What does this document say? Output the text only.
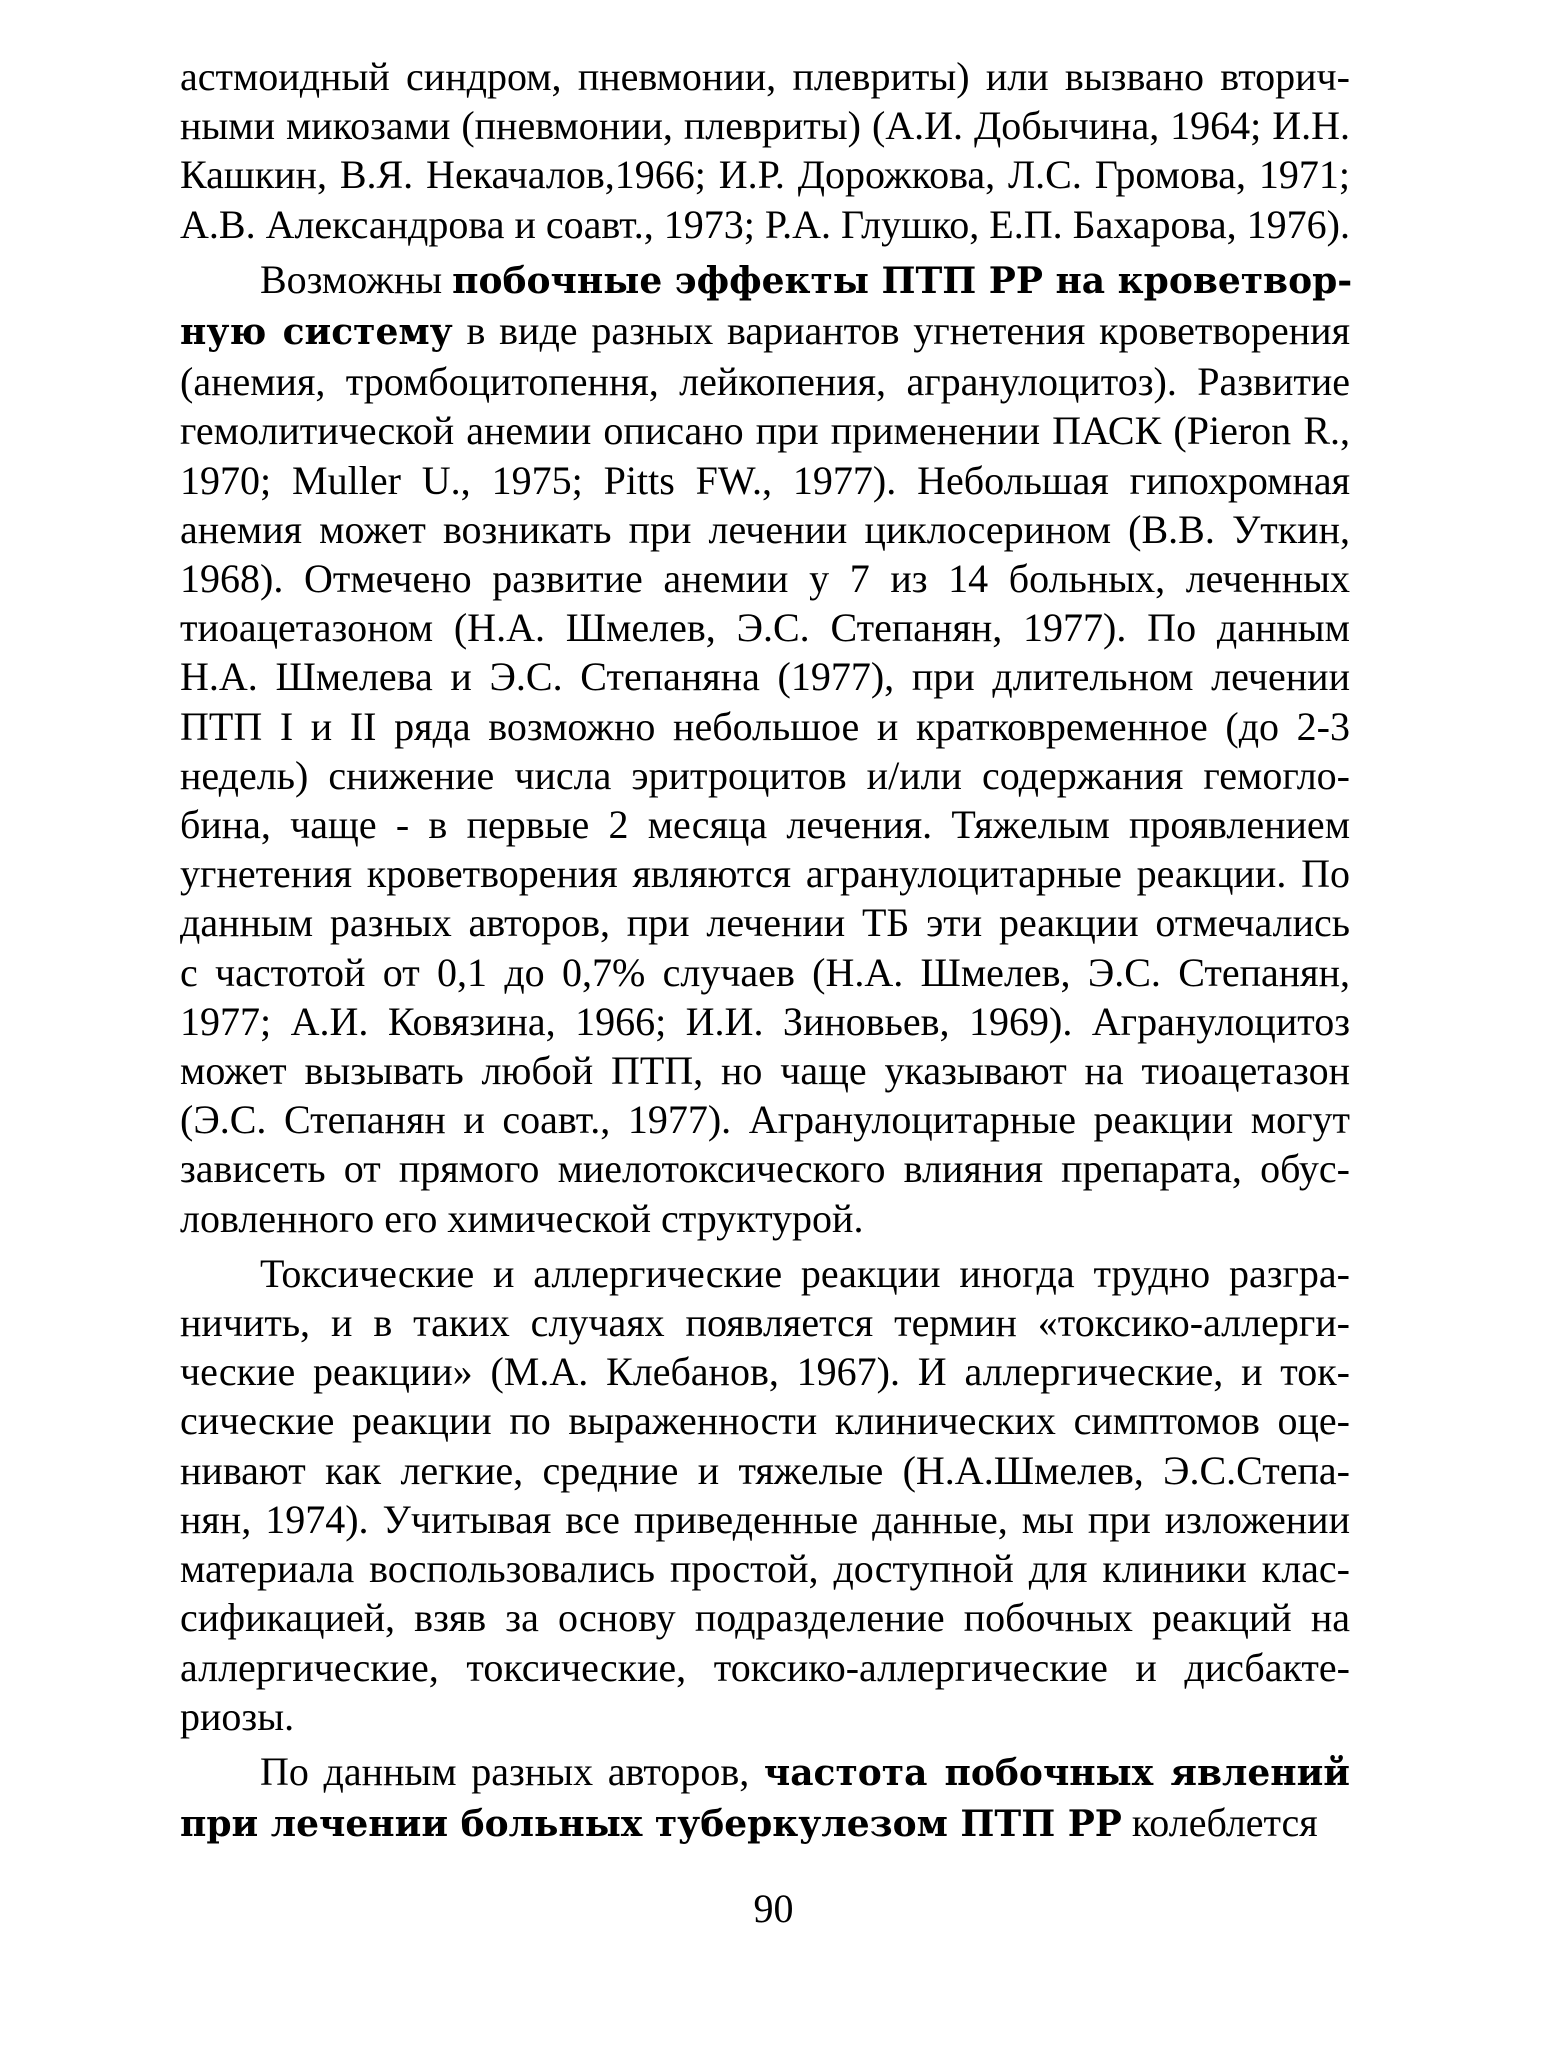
астмоидный синдром, пневмонии, плевриты) или вызвано вторич-
ными микозами (пневмонии, плевриты) (А.И. Добычина, 1964; И.Н.
Кашкин, В.Я. Некачалов,1966; И.Р. Дорожкова, Л.С. Громова, 1971;
А.В. Александрова и соавт., 1973; Р.А. Глушко, Е.П. Бахарова, 1976).
Возможны побочные эффекты ПТП РР на кроветвор-
ную систему в виде разных вариантов угнетения кроветворения
(анемия, тромбоцитопення, лейкопения, агранулоцитоз). Развитие
гемолитической анемии описано при применении ПАСК (Pieron R.,
1970; Muller U., 1975; Pitts FW., 1977). Небольшая гипохромная
анемия может возникать при лечении циклосерином (В.В. Уткин,
1968). Отмечено развитие анемии у 7 из 14 больных, леченных
тиоацетазоном (Н.А. Шмелев, Э.С. Степанян, 1977). По данным
Н.А. Шмелева и Э.С. Степаняна (1977), при длительном лечении
ПТП I и II ряда возможно небольшое и кратковременное (до 2-3
недель) снижение числа эритроцитов и/или содержания гемогло-
бина, чаще - в первые 2 месяца лечения. Тяжелым проявлением
угнетения кроветворения являются агранулоцитарные реакции. По
данным разных авторов, при лечении ТБ эти реакции отмечались
с частотой от 0,1 до 0,7% случаев (Н.А. Шмелев, Э.С. Степанян,
1977; А.И. Ковязина, 1966; И.И. Зиновьев, 1969). Агранулоцитоз
может вызывать любой ПТП, но чаще указывают на тиоацетазон
(Э.С. Степанян и соавт., 1977). Агранулоцитарные реакции могут
зависеть от прямого миелотоксического влияния препарата, обус-
ловленного его химической структурой.
Токсические и аллергические реакции иногда трудно разгра-
ничить, и в таких случаях появляется термин «токсико-аллерги-
ческие реакции» (М.А. Клебанов, 1967). И аллергические, и ток-
сические реакции по выраженности клинических симптомов оце-
нивают как легкие, средние и тяжелые (Н.А.Шмелев, Э.С.Степа-
нян, 1974). Учитывая все приведенные данные, мы при изложении
материала воспользовались простой, доступной для клиники клас-
сификацией, взяв за основу подразделение побочных реакций на
аллергические, токсические, токсико-аллергические и дисбакте-
риозы.
По данным разных авторов, частота побочных явлений
при лечении больных туберкулезом ПТП РР колеблется
90
